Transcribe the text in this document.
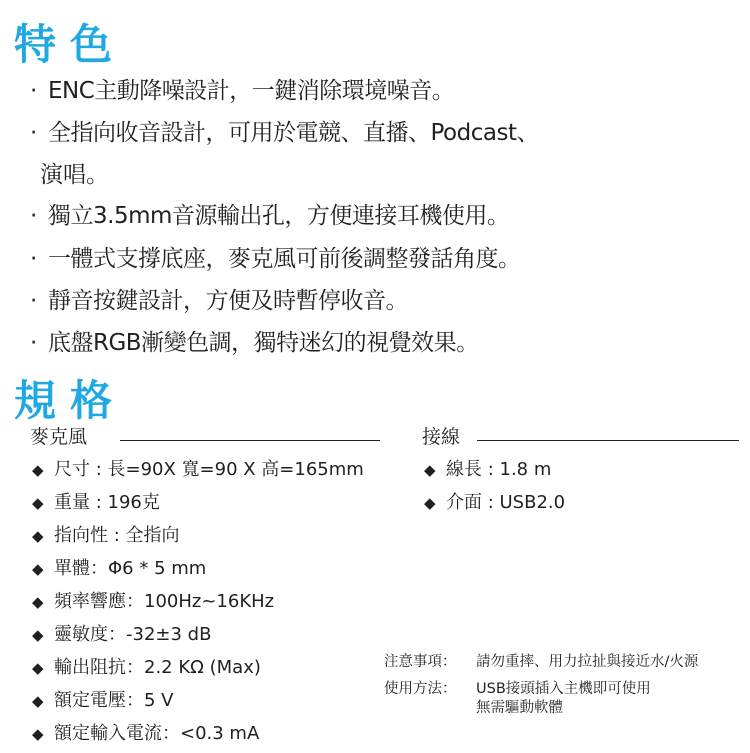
特色
· ENC主動降噪設計，一鍵消除環境噪音。
· 全指向收音設計，可用於電競、直播、Podcast、
演唱。
· 獨立3.5mm音源輸出孔，方便連接耳機使用。
· 一體式支撐底座，麥克風可前後調整發話角度。
· 靜音按鍵設計，方便及時暫停收音。
· 底盤RGB漸變色調，獨特迷幻的視覺效果。
規格
麥克風	接線
◆ 尺寸 : 長=90X 寬=90 X 高=165mm
◆ 重量 : 196克
◆ 指向性 : 全指向
◆ 單體：Φ6 * 5 mm
◆ 頻率響應：100Hz~16KHz
◆ 靈敏度：-32±3 dB
◆ 輸出阻抗：2.2 KΩ (Max)
◆ 額定電壓：5 V
◆ 額定輸入電流：<0.3 mA
◆ 線長 : 1.8 m
◆ 介面 : USB2.0
注意事項： 請勿重摔、用力拉扯與接近水/火源
使用方法： USB接頭插入主機即可使用
無需驅動軟體
